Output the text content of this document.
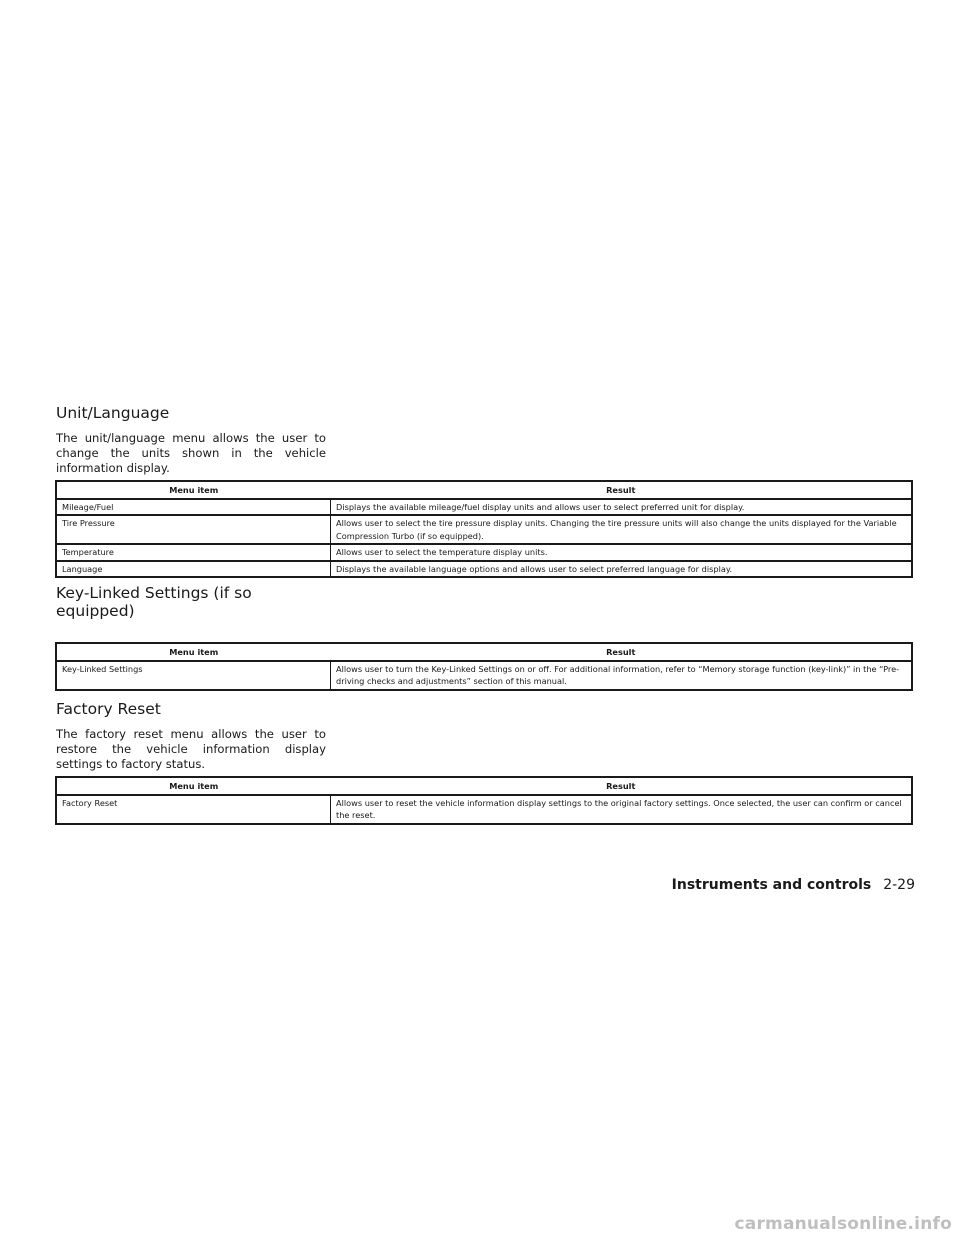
Unit/Language

The unit/language menu allows the user to change the units shown in the vehicle information display.

Menu item	Result
Mileage/Fuel	Displays the available mileage/fuel display units and allows user to select preferred unit for display.
Tire Pressure	Allows user to select the tire pressure display units. Changing the tire pressure units will also change the units displayed for the Variable Compression Turbo (if so equipped).
Temperature	Allows user to select the temperature display units.
Language	Displays the available language options and allows user to select preferred language for display.
Key-Linked Settings (if so
equipped)
Menu item	Result
Key-Linked Settings	Allows user to turn the Key-Linked Settings on or off. For additional information, refer to “Memory storage function (key-link)” in the “Pre-driving checks and adjustments” section of this manual.
Factory Reset

The factory reset menu allows the user to restore the vehicle information display settings to factory status.

Menu item	Result
Factory Reset	Allows user to reset the vehicle information display settings to the original factory settings. Once selected, the user can confirm or cancel the reset.
Instruments and controls 2-29
carmanualsonline.info
